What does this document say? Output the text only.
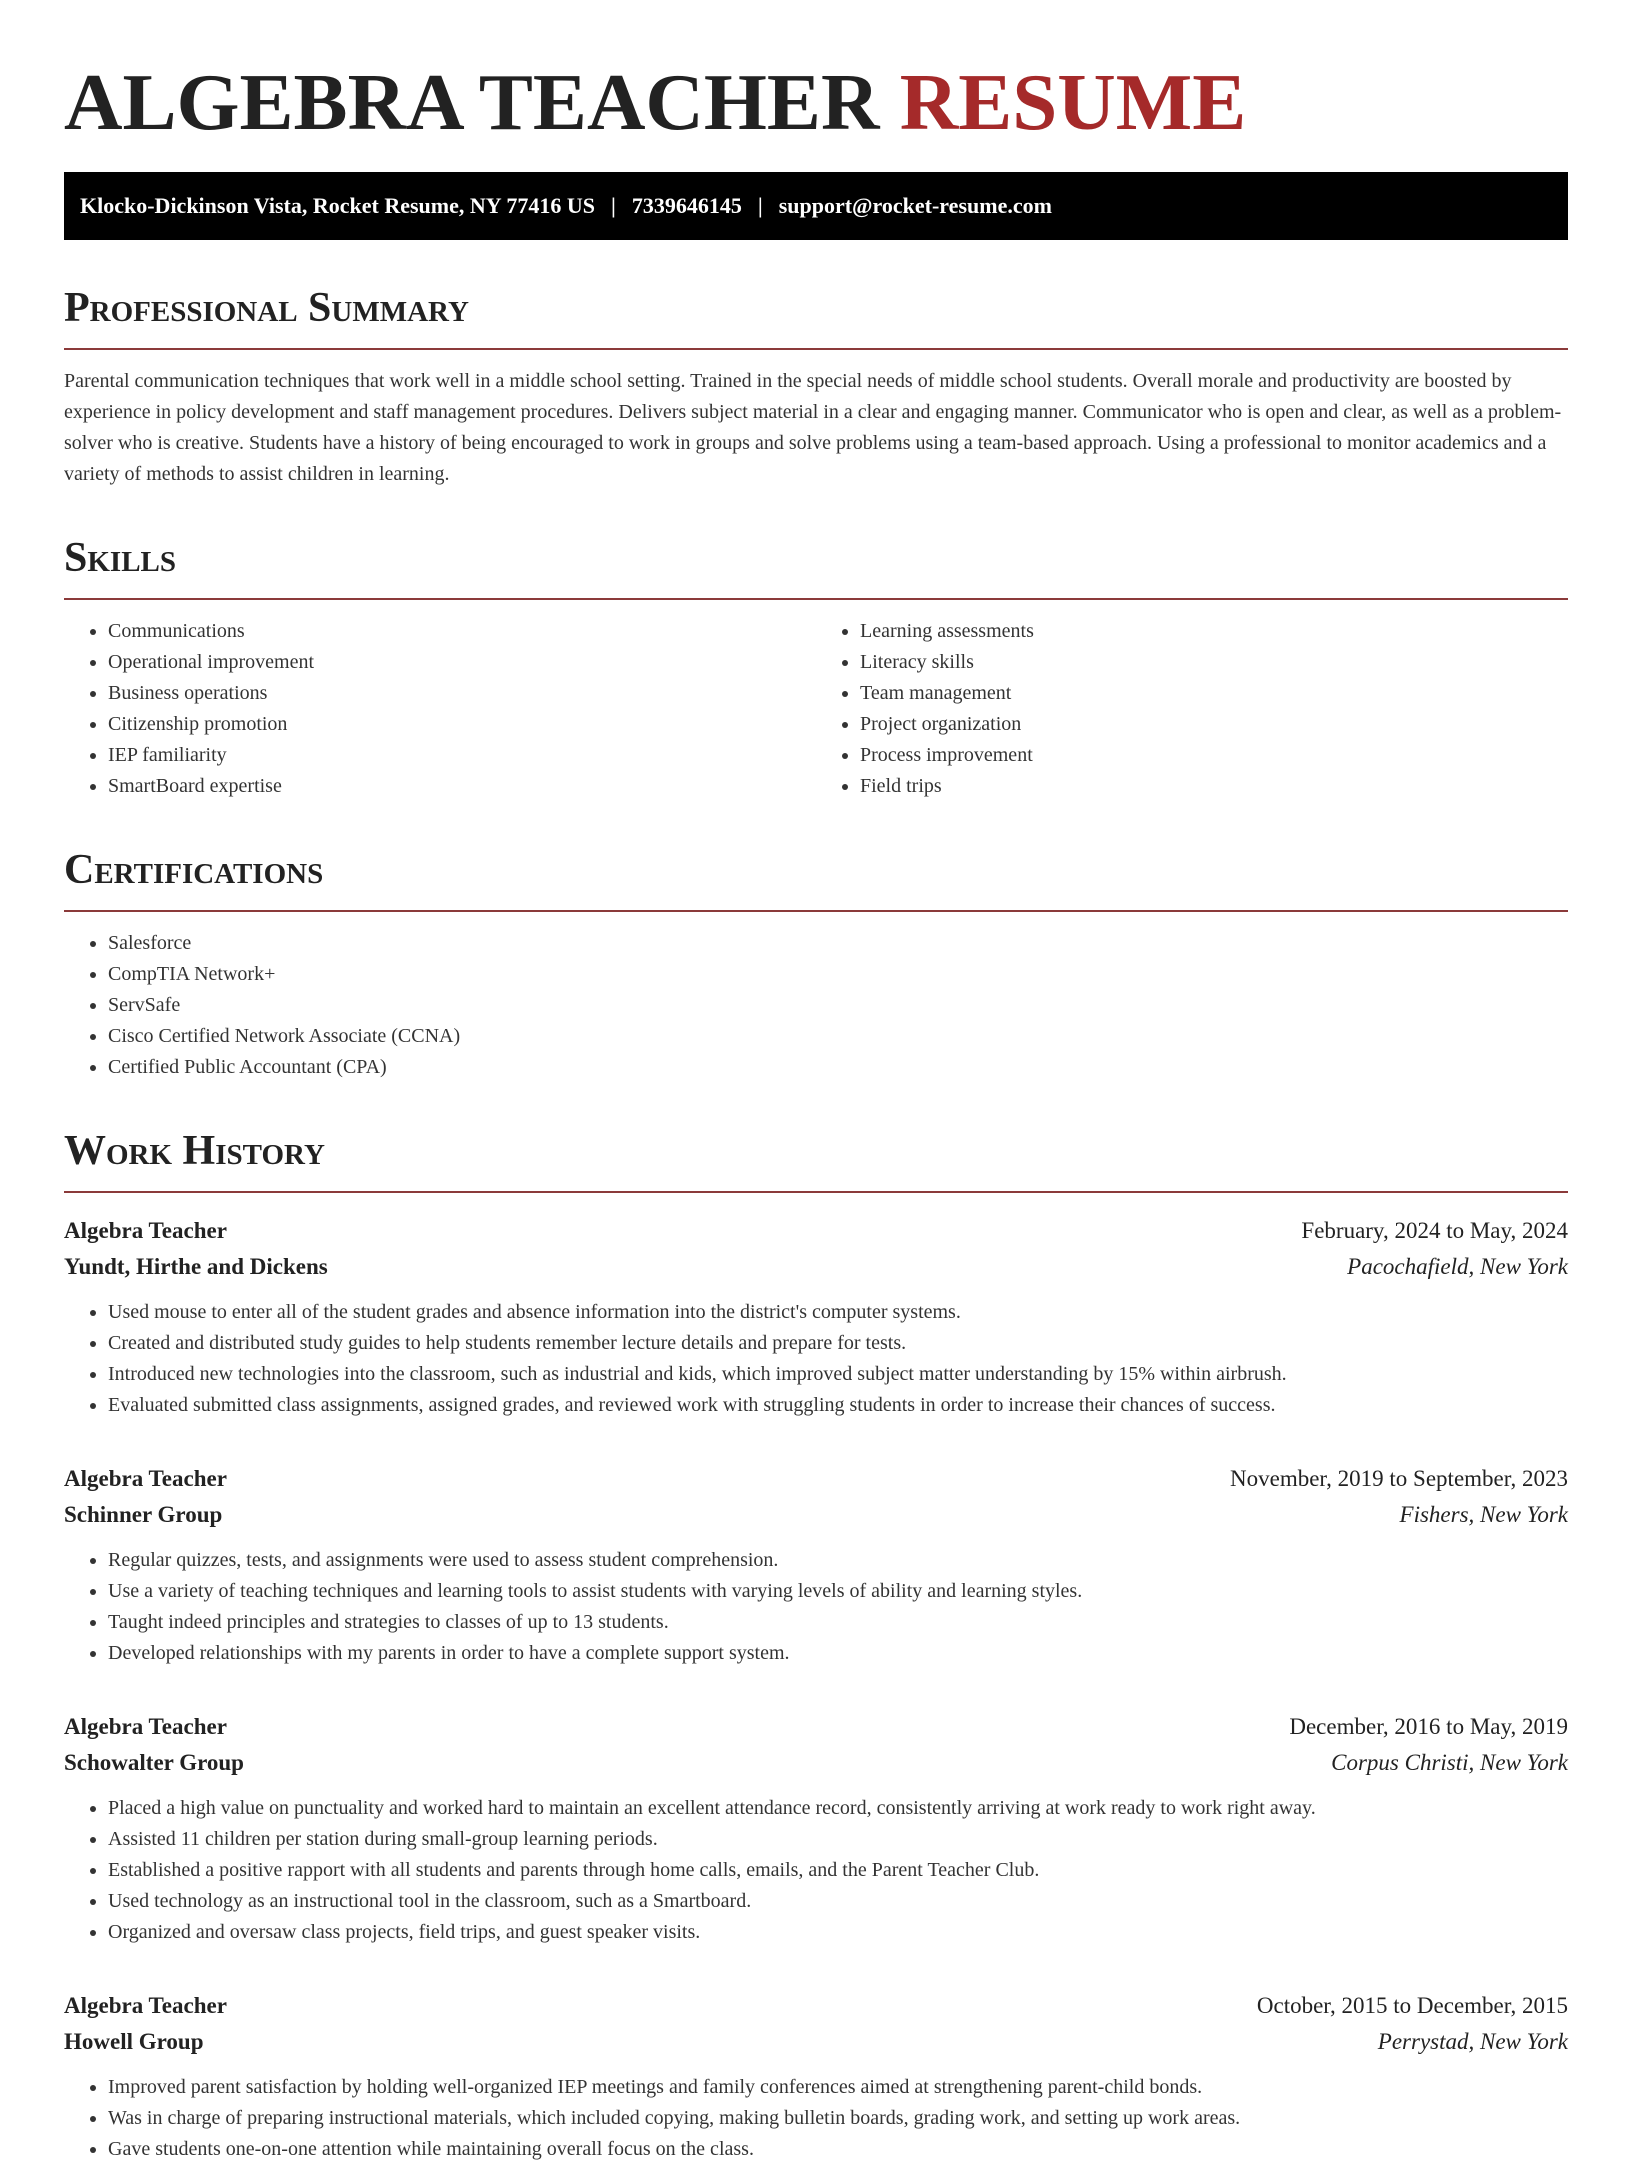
ALGEBRA TEACHER RESUME
Klocko-Dickinson Vista, Rocket Resume, NY 77416 US | 7339646145 | support@rocket-resume.com
Professional Summary

Parental communication techniques that work well in a middle school setting. Trained in the special needs of middle school students. Overall morale and productivity are boosted by experience in policy development and staff management procedures. Delivers subject material in a clear and engaging manner. Communicator who is open and clear, as well as a problem-solver who is creative. Students have a history of being encouraged to work in groups and solve problems using a team-based approach. Using a professional to monitor academics and a variety of methods to assist children in learning.

Skills
• Communications
• Operational improvement
• Business operations
• Citizenship promotion
• IEP familiarity
• SmartBoard expertise
• Learning assessments
• Literacy skills
• Team management
• Project organization
• Process improvement
• Field trips
Certifications
• Salesforce
• CompTIA Network+
• ServSafe
• Cisco Certified Network Associate (CCNA)
• Certified Public Accountant (CPA)
Work History
Algebra Teacher	February, 2024 to May, 2024
Yundt, Hirthe and Dickens	Pacochafield, New York
• Used mouse to enter all of the student grades and absence information into the district's computer systems.
• Created and distributed study guides to help students remember lecture details and prepare for tests.
• Introduced new technologies into the classroom, such as industrial and kids, which improved subject matter understanding by 15% within airbrush.
• Evaluated submitted class assignments, assigned grades, and reviewed work with struggling students in order to increase their chances of success.
Algebra Teacher	November, 2019 to September, 2023
Schinner Group	Fishers, New York
• Regular quizzes, tests, and assignments were used to assess student comprehension.
• Use a variety of teaching techniques and learning tools to assist students with varying levels of ability and learning styles.
• Taught indeed principles and strategies to classes of up to 13 students.
• Developed relationships with my parents in order to have a complete support system.
Algebra Teacher	December, 2016 to May, 2019
Schowalter Group	Corpus Christi, New York
• Placed a high value on punctuality and worked hard to maintain an excellent attendance record, consistently arriving at work ready to work right away.
• Assisted 11 children per station during small-group learning periods.
• Established a positive rapport with all students and parents through home calls, emails, and the Parent Teacher Club.
• Used technology as an instructional tool in the classroom, such as a Smartboard.
• Organized and oversaw class projects, field trips, and guest speaker visits.
Algebra Teacher	October, 2015 to December, 2015
Howell Group	Perrystad, New York
• Improved parent satisfaction by holding well-organized IEP meetings and family conferences aimed at strengthening parent-child bonds.
• Was in charge of preparing instructional materials, which included copying, making bulletin boards, grading work, and setting up work areas.
• Gave students one-on-one attention while maintaining overall focus on the class.
